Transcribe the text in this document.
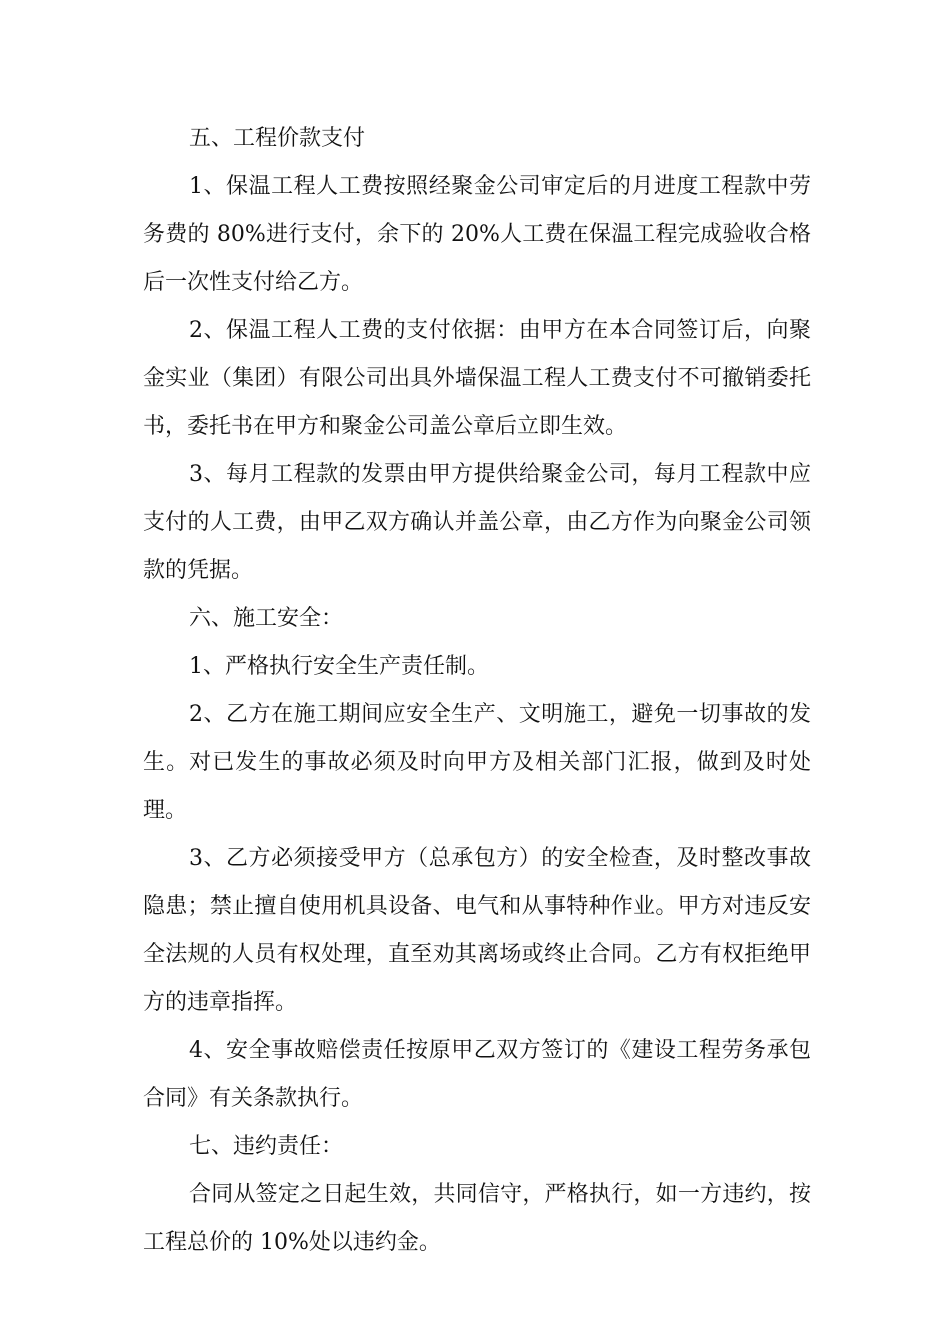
五、工程价款支付

1、保温工程人工费按照经聚金公司审定后的月进度工程款中劳务费的 80%进行支付，余下的 20%人工费在保温工程完成验收合格后一次性支付给乙方。

2、保温工程人工费的支付依据：由甲方在本合同签订后，向聚金实业（集团）有限公司出具外墙保温工程人工费支付不可撤销委托书，委托书在甲方和聚金公司盖公章后立即生效。

3、每月工程款的发票由甲方提供给聚金公司，每月工程款中应支付的人工费，由甲乙双方确认并盖公章，由乙方作为向聚金公司领款的凭据。

六、施工安全：

1、严格执行安全生产责任制。

2、乙方在施工期间应安全生产、文明施工，避免一切事故的发生。对已发生的事故必须及时向甲方及相关部门汇报，做到及时处理。

3、乙方必须接受甲方（总承包方）的安全检查，及时整改事故隐患；禁止擅自使用机具设备、电气和从事特种作业。甲方对违反安全法规的人员有权处理，直至劝其离场或终止合同。乙方有权拒绝甲方的违章指挥。

4、安全事故赔偿责任按原甲乙双方签订的《建设工程劳务承包合同》有关条款执行。

七、违约责任：

合同从签定之日起生效，共同信守，严格执行，如一方违约，按工程总价的 10%处以违约金。
